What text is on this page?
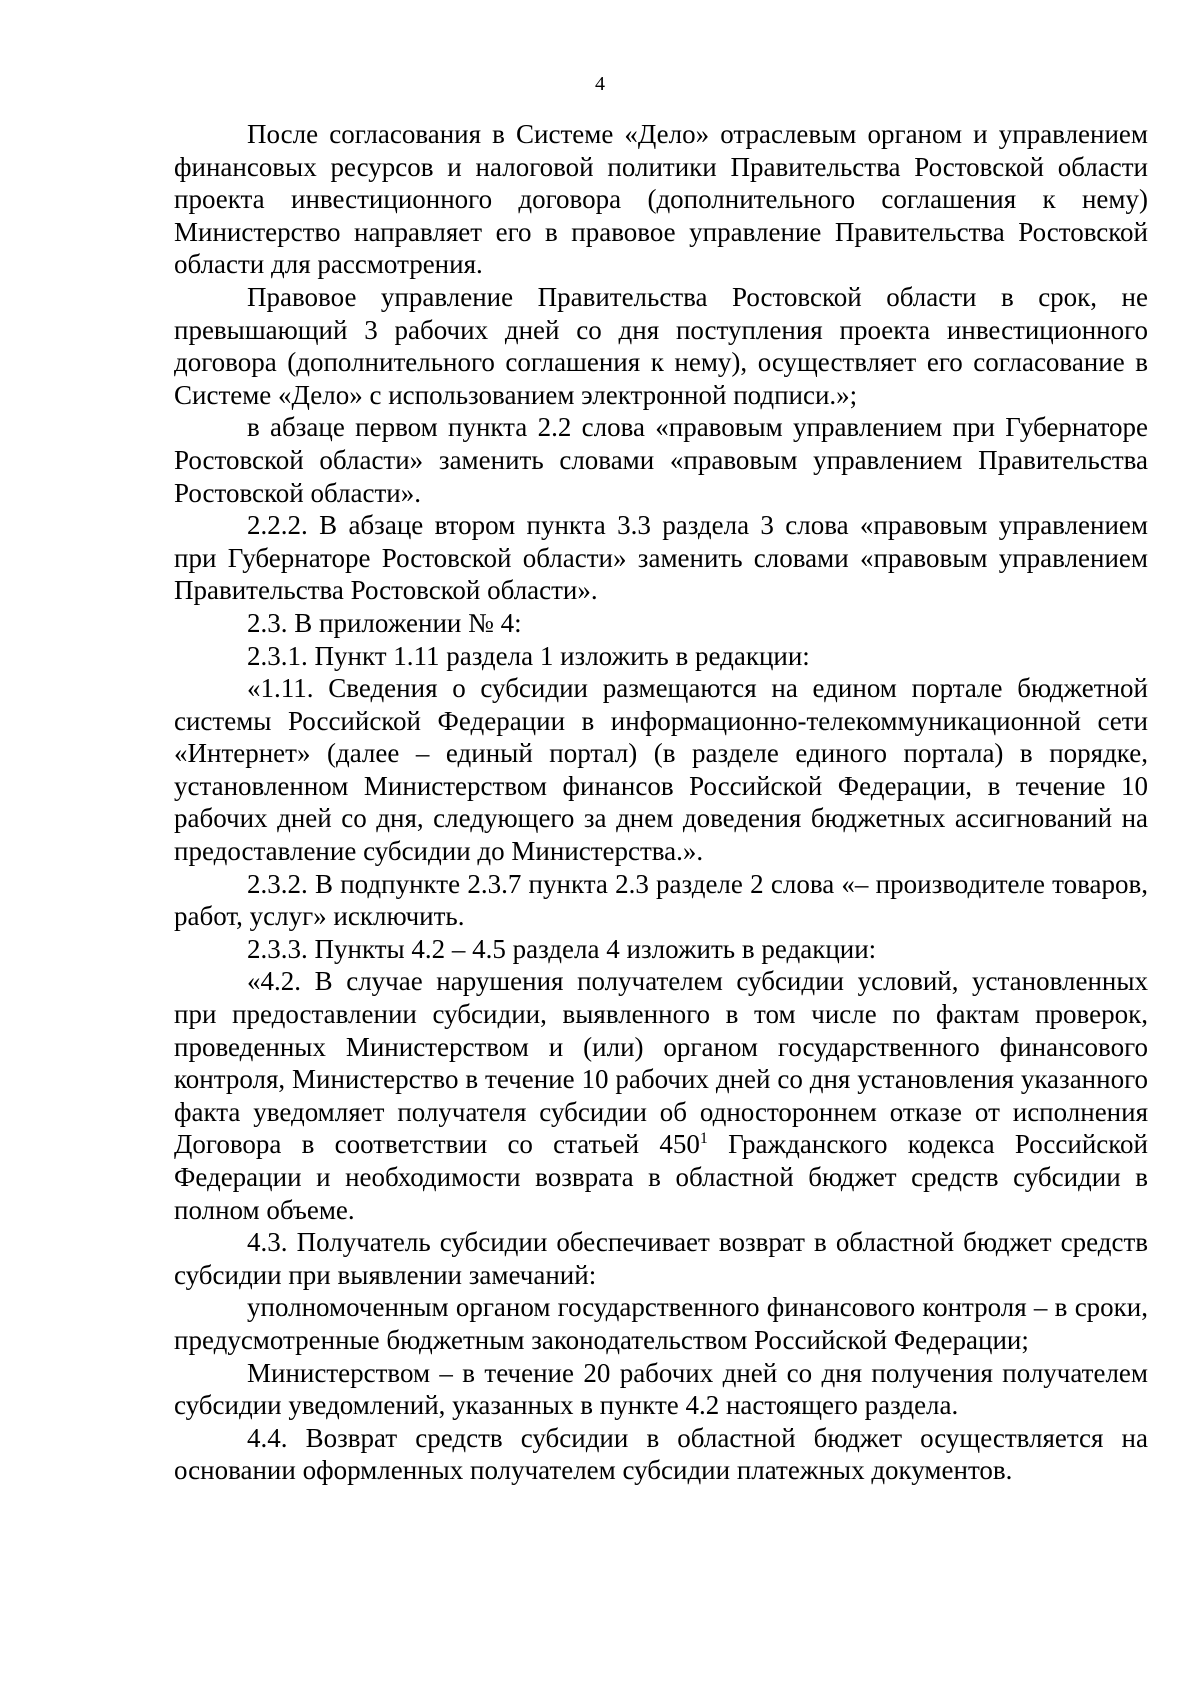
4

После согласования в Системе «Дело» отраслевым органом и управлением финансовых ресурсов и налоговой политики Правительства Ростовской области проекта инвестиционного договора (дополнительного соглашения к нему) Министерство направляет его в правовое управление Правительства Ростовской области для рассмотрения.

Правовое управление Правительства Ростовской области в срок, не превышающий 3 рабочих дней со дня поступления проекта инвестиционного договора (дополнительного соглашения к нему), осуществляет его согласование в Системе «Дело» с использованием электронной подписи.»;

в абзаце первом пункта 2.2 слова «правовым управлением при Губернаторе Ростовской области» заменить словами «правовым управлением Правительства Ростовской области».

2.2.2. В абзаце втором пункта 3.3 раздела 3 слова «правовым управлением при Губернаторе Ростовской области» заменить словами «правовым управлением Правительства Ростовской области».

2.3. В приложении № 4:

2.3.1. Пункт 1.11 раздела 1 изложить в редакции:

«1.11. Сведения о субсидии размещаются на едином портале бюджетной системы Российской Федерации в информационно-телекоммуникационной сети «Интернет» (далее – единый портал) (в разделе единого портала) в порядке, установленном Министерством финансов Российской Федерации, в течение 10 рабочих дней со дня, следующего за днем доведения бюджетных ассигнований на предоставление субсидии до Министерства.».

2.3.2. В подпункте 2.3.7 пункта 2.3 разделе 2 слова «– производителе товаров, работ, услуг» исключить.

2.3.3. Пункты 4.2 – 4.5 раздела 4 изложить в редакции:

«4.2. В случае нарушения получателем субсидии условий, установленных при предоставлении субсидии, выявленного в том числе по фактам проверок, проведенных Министерством и (или) органом государственного финансового контроля, Министерство в течение 10 рабочих дней со дня установления указанного факта уведомляет получателя субсидии об одностороннем отказе от исполнения Договора в соответствии со статьей $450^1$ Гражданского кодекса Российской Федерации и необходимости возврата в областной бюджет средств субсидии в полном объеме.

4.3. Получатель субсидии обеспечивает возврат в областной бюджет средств субсидии при выявлении замечаний:

уполномоченным органом государственного финансового контроля – в сроки, предусмотренные бюджетным законодательством Российской Федерации;

Министерством – в течение 20 рабочих дней со дня получения получателем субсидии уведомлений, указанных в пункте 4.2 настоящего раздела.

4.4. Возврат средств субсидии в областной бюджет осуществляется на основании оформленных получателем субсидии платежных документов.
